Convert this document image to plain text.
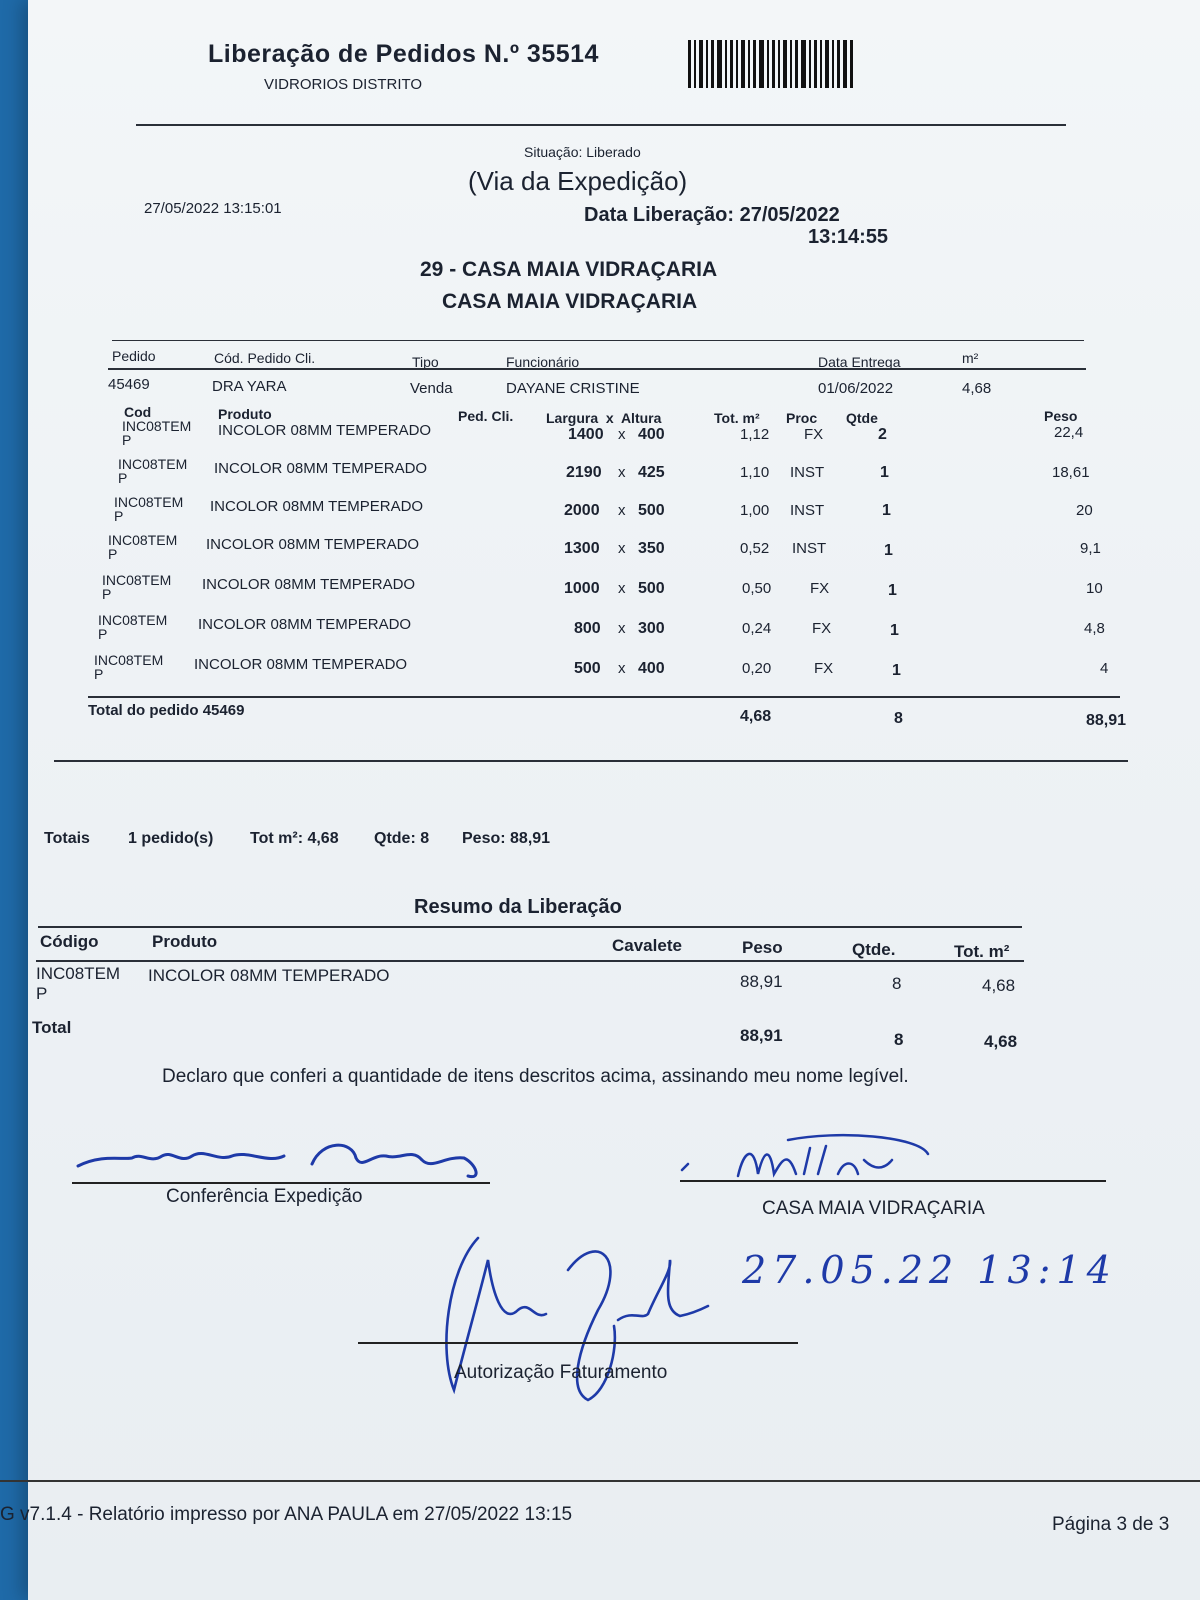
Liberação de Pedidos N.º 35514
VIDRORIOS DISTRITO
Situação: Liberado
(Via da Expedição)
27/05/2022 13:15:01	Data Liberação: 27/05/2022
13:14:55
29 - CASA MAIA VIDRAÇARIA
CASA MAIA VIDRAÇARIA
Pedido	Cód. Pedido Cli.	Tipo	Funcionário	Data Entrega	m²
45469	DRA YARA	Venda	DAYANE CRISTINE	01/06/2022	4,68
Cod	Produto	Ped. Cli. Largura  x  Altura	Tot. m² Proc Qtde	Peso
INC08TEM
P
INCOLOR 08MM TEMPERADO	1400 x 400	1,12 FX	2	22,4
INC08TEM
P
INCOLOR 08MM TEMPERADO	2190 x 425	1,10 INST	1	18,61
INC08TEM
P
INCOLOR 08MM TEMPERADO	2000 x 500	1,00 INST	1	20
INC08TEM
P
INCOLOR 08MM TEMPERADO	1300 x 350	0,52 INST	1	9,1
INC08TEM
P
INCOLOR 08MM TEMPERADO	1000 x 500	0,50	FX	1	10
INC08TEM
P
INCOLOR 08MM TEMPERADO	800 x 300	0,24	FX	1	4,8
INC08TEM
P
INCOLOR 08MM TEMPERADO	500 x 400	0,20	FX	1	4
Total do pedido 45469	4,68	8	88,91
Totais 1 pedido(s) Tot m²: 4,68 Qtde: 8 Peso: 88,91
Resumo da Liberação
Código	Produto	Cavalete	Peso	Qtde.	Tot. m²
INC08TEM
P
INCOLOR 08MM TEMPERADO	88,91	8	4,68
Total	88,91	8	4,68
Declaro que conferi a quantidade de itens descritos acima, assinando meu nome legível.
Conferência Expedição
CASA MAIA VIDRAÇARIA
27.05.22 13:14
Autorização Faturamento
G v7.1.4 - Relatório impresso por ANA PAULA em 27/05/2022 13:15	Página 3 de 3
